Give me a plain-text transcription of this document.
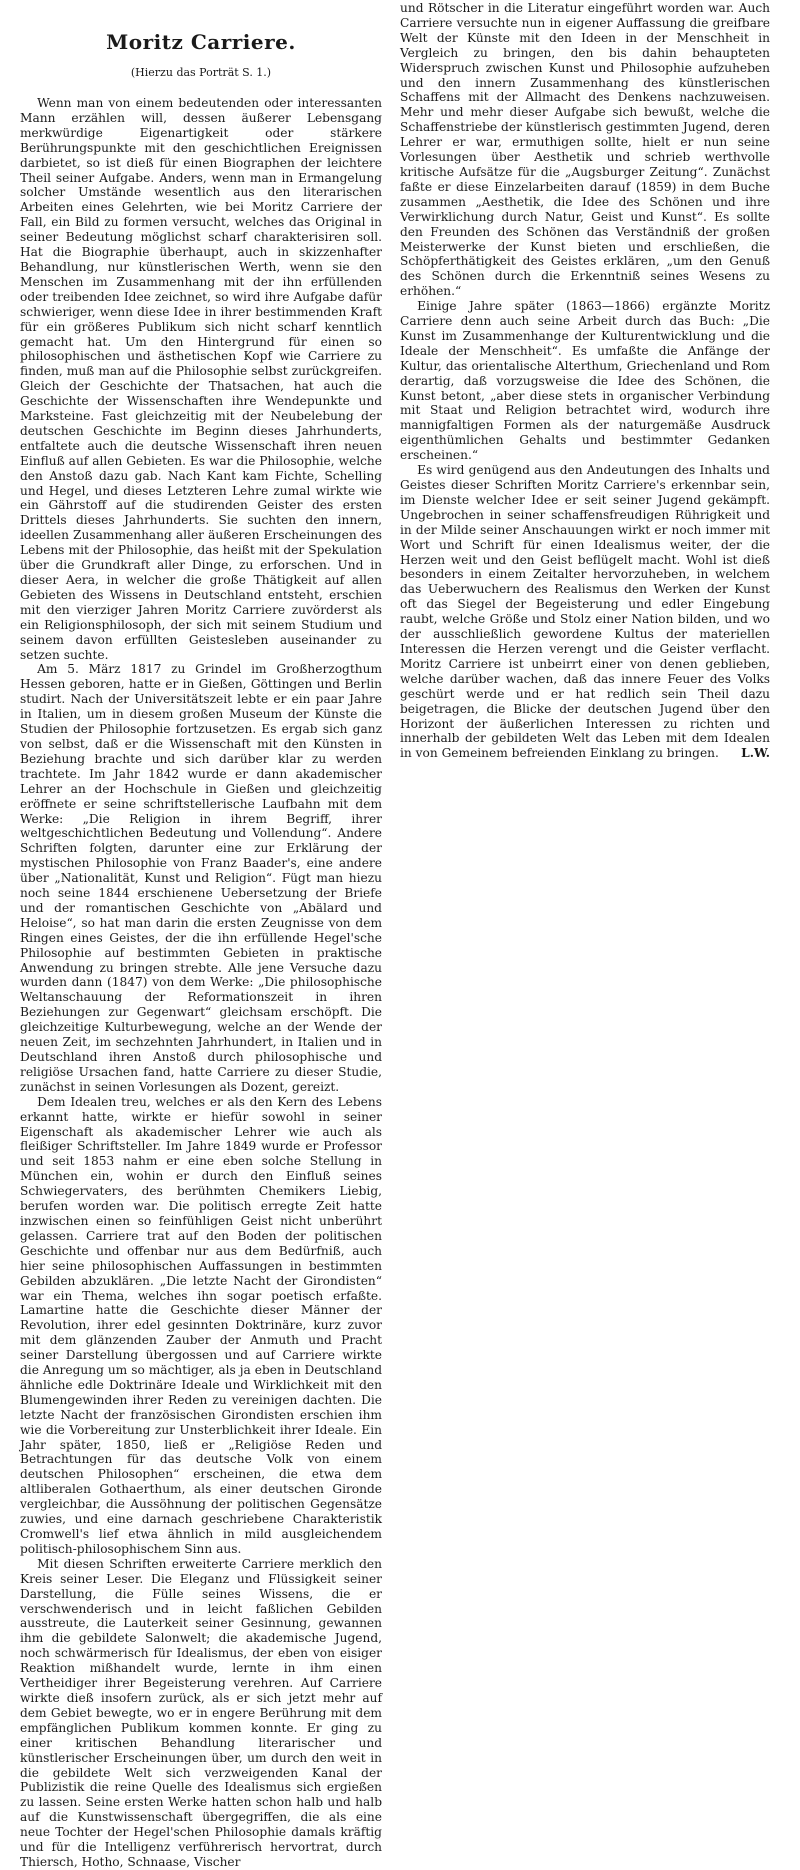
Moritz Carriere.
(Hierzu das Porträt S. 1.)

Wenn man von einem bedeutenden oder interessanten Mann erzählen will, dessen äußerer Lebensgang merkwürdige Eigenartigkeit oder stärkere Berührungspunkte mit den geschichtlichen Ereignissen darbietet, so ist dieß für einen Biographen der leichtere Theil seiner Aufgabe. Anders, wenn man in Ermangelung solcher Umstände wesentlich aus den literarischen Arbeiten eines Gelehrten, wie bei Moritz Carriere der Fall, ein Bild zu formen versucht, welches das Original in seiner Bedeutung möglichst scharf charakterisiren soll. Hat die Biographie überhaupt, auch in skizzenhafter Behandlung, nur künstlerischen Werth, wenn sie den Menschen im Zusammenhang mit der ihn erfüllenden oder treibenden Idee zeichnet, so wird ihre Aufgabe dafür schwieriger, wenn diese Idee in ihrer bestimmenden Kraft für ein größeres Publikum sich nicht scharf kenntlich gemacht hat. Um den Hintergrund für einen so philosophischen und ästhetischen Kopf wie Carriere zu finden, muß man auf die Philosophie selbst zurückgreifen. Gleich der Geschichte der Thatsachen, hat auch die Geschichte der Wissenschaften ihre Wendepunkte und Marksteine. Fast gleichzeitig mit der Neubelebung der deutschen Geschichte im Beginn dieses Jahrhunderts, entfaltete auch die deutsche Wissenschaft ihren neuen Einfluß auf allen Gebieten. Es war die Philosophie, welche den Anstoß dazu gab. Nach Kant kam Fichte, Schelling und Hegel, und dieses Letzteren Lehre zumal wirkte wie ein Gährstoff auf die studirenden Geister des ersten Drittels dieses Jahrhunderts. Sie suchten den innern, ideellen Zusammenhang aller äußeren Erscheinungen des Lebens mit der Philosophie, das heißt mit der Spekulation über die Grundkraft aller Dinge, zu erforschen. Und in dieser Aera, in welcher die große Thätigkeit auf allen Gebieten des Wissens in Deutschland entsteht, erschien mit den vierziger Jahren Moritz Carriere zuvörderst als ein Religionsphilosoph, der sich mit seinem Studium und seinem davon erfüllten Geistesleben auseinander zu setzen suchte.

Am 5. März 1817 zu Grindel im Großherzogthum Hessen geboren, hatte er in Gießen, Göttingen und Berlin studirt. Nach der Universitätszeit lebte er ein paar Jahre in Italien, um in diesem großen Museum der Künste die Studien der Philosophie fortzusetzen. Es ergab sich ganz von selbst, daß er die Wissenschaft mit den Künsten in Beziehung brachte und sich darüber klar zu werden trachtete. Im Jahr 1842 wurde er dann akademischer Lehrer an der Hochschule in Gießen und gleichzeitig eröffnete er seine schriftstellerische Laufbahn mit dem Werke: „Die Religion in ihrem Begriff, ihrer weltgeschichtlichen Bedeutung und Vollendung“. Andere Schriften folgten, darunter eine zur Erklärung der mystischen Philosophie von Franz Baader's, eine andere über „Nationalität, Kunst und Religion“. Fügt man hiezu noch seine 1844 erschienene Uebersetzung der Briefe und der romantischen Geschichte von „Abälard und Heloise“, so hat man darin die ersten Zeugnisse von dem Ringen eines Geistes, der die ihn erfüllende Hegel'sche Philosophie auf bestimmten Gebieten in praktische Anwendung zu bringen strebte. Alle jene Versuche dazu wurden dann (1847) von dem Werke: „Die philosophische Weltanschauung der Reformationszeit in ihren Beziehungen zur Gegenwart“ gleichsam erschöpft. Die gleichzeitige Kulturbewegung, welche an der Wende der neuen Zeit, im sechzehnten Jahrhundert, in Italien und in Deutschland ihren Anstoß durch philosophische und religiöse Ursachen fand, hatte Carriere zu dieser Studie, zunächst in seinen Vorlesungen als Dozent, gereizt.

Dem Idealen treu, welches er als den Kern des Lebens erkannt hatte, wirkte er hiefür sowohl in seiner Eigenschaft als akademischer Lehrer wie auch als fleißiger Schriftsteller. Im Jahre 1849 wurde er Professor und seit 1853 nahm er eine eben solche Stellung in München ein, wohin er durch den Einfluß seines Schwiegervaters, des berühmten Chemikers Liebig, berufen worden war. Die politisch erregte Zeit hatte inzwischen einen so feinfühligen Geist nicht unberührt gelassen. Carriere trat auf den Boden der politischen Geschichte und offenbar nur aus dem Bedürfniß, auch hier seine philosophischen Auffassungen in bestimmten Gebilden abzuklären. „Die letzte Nacht der Girondisten“ war ein Thema, welches ihn sogar poetisch erfaßte. Lamartine hatte die Geschichte dieser Männer der Revolution, ihrer edel gesinnten Doktrinäre, kurz zuvor mit dem glänzenden Zauber der Anmuth und Pracht seiner Darstellung übergossen und auf Carriere wirkte die Anregung um so mächtiger, als ja eben in Deutschland ähnliche edle Doktrinäre Ideale und Wirklichkeit mit den Blumengewinden ihrer Reden zu vereinigen dachten. Die letzte Nacht der französischen Girondisten erschien ihm wie die Vorbereitung zur Unsterblichkeit ihrer Ideale. Ein Jahr später, 1850, ließ er „Religiöse Reden und Betrachtungen für das deutsche Volk von einem deutschen Philosophen“ erscheinen, die etwa dem altliberalen Gothaerthum, als einer deutschen Gironde vergleichbar, die Aussöhnung der politischen Gegensätze zuwies, und eine darnach geschriebene Charakteristik Cromwell's lief etwa ähnlich in mild ausgleichendem politisch-philosophischem Sinn aus.

Mit diesen Schriften erweiterte Carriere merklich den Kreis seiner Leser. Die Eleganz und Flüssigkeit seiner Darstellung, die Fülle seines Wissens, die er verschwenderisch und in leicht faßlichen Gebilden ausstreute, die Lauterkeit seiner Gesinnung, gewannen ihm die gebildete Salonwelt; die akademische Jugend, noch schwärmerisch für Idealismus, der eben von eisiger Reaktion mißhandelt wurde, lernte in ihm einen Vertheidiger ihrer Begeisterung verehren. Auf Carriere wirkte dieß insofern zurück, als er sich jetzt mehr auf dem Gebiet bewegte, wo er in engere Berührung mit dem empfänglichen Publikum kommen konnte. Er ging zu einer kritischen Behandlung literarischer und künstlerischer Erscheinungen über, um durch den weit in die gebildete Welt sich verzweigenden Kanal der Publizistik die reine Quelle des Idealismus sich ergießen zu lassen. Seine ersten Werke hatten schon halb und halb auf die Kunstwissenschaft übergegriffen, die als eine neue Tochter der Hegel'schen Philosophie damals kräftig und für die Intelligenz verführerisch hervortrat, durch Thiersch, Hotho, Schnaase, Vischer

und Rötscher in die Literatur eingeführt worden war. Auch Carriere versuchte nun in eigener Auffassung die greifbare Welt der Künste mit den Ideen in der Menschheit in Vergleich zu bringen, den bis dahin behaupteten Widerspruch zwischen Kunst und Philosophie aufzuheben und den innern Zusammenhang des künstlerischen Schaffens mit der Allmacht des Denkens nachzuweisen. Mehr und mehr dieser Aufgabe sich bewußt, welche die Schaffenstriebe der künstlerisch gestimmten Jugend, deren Lehrer er war, ermuthigen sollte, hielt er nun seine Vorlesungen über Aesthetik und schrieb werthvolle kritische Aufsätze für die „Augsburger Zeitung“. Zunächst faßte er diese Einzelarbeiten darauf (1859) in dem Buche zusammen „Aesthetik, die Idee des Schönen und ihre Verwirklichung durch Natur, Geist und Kunst“. Es sollte den Freunden des Schönen das Verständniß der großen Meisterwerke der Kunst bieten und erschließen, die Schöpferthätigkeit des Geistes erklären, „um den Genuß des Schönen durch die Erkenntniß seines Wesens zu erhöhen.“

Einige Jahre später (1863—1866) ergänzte Moritz Carriere denn auch seine Arbeit durch das Buch: „Die Kunst im Zusammenhange der Kulturentwicklung und die Ideale der Menschheit“. Es umfaßte die Anfänge der Kultur, das orientalische Alterthum, Griechenland und Rom derartig, daß vorzugsweise die Idee des Schönen, die Kunst betont, „aber diese stets in organischer Verbindung mit Staat und Religion betrachtet wird, wodurch ihre mannigfaltigen Formen als der naturgemäße Ausdruck eigenthümlichen Gehalts und bestimmter Gedanken erscheinen.“

Es wird genügend aus den Andeutungen des Inhalts und Geistes dieser Schriften Moritz Carriere's erkennbar sein, im Dienste welcher Idee er seit seiner Jugend gekämpft. Ungebrochen in seiner schaffensfreudigen Rührigkeit und in der Milde seiner Anschauungen wirkt er noch immer mit Wort und Schrift für einen Idealismus weiter, der die Herzen weit und den Geist beflügelt macht. Wohl ist dieß besonders in einem Zeitalter hervorzuheben, in welchem das Ueberwuchern des Realismus den Werken der Kunst oft das Siegel der Begeisterung und edler Eingebung raubt, welche Größe und Stolz einer Nation bilden, und wo der ausschließlich gewordene Kultus der materiellen Interessen die Herzen verengt und die Geister verflacht. Moritz Carriere ist unbeirrt einer von denen geblieben, welche darüber wachen, daß das innere Feuer des Volks geschürt werde und er hat redlich sein Theil dazu beigetragen, die Blicke der deutschen Jugend über den Horizont der äußerlichen Interessen zu richten und innerhalb der gebildeten Welt das Leben mit dem Idealen in von Gemeinem befreienden Einklang zu bringen.	L.W.
